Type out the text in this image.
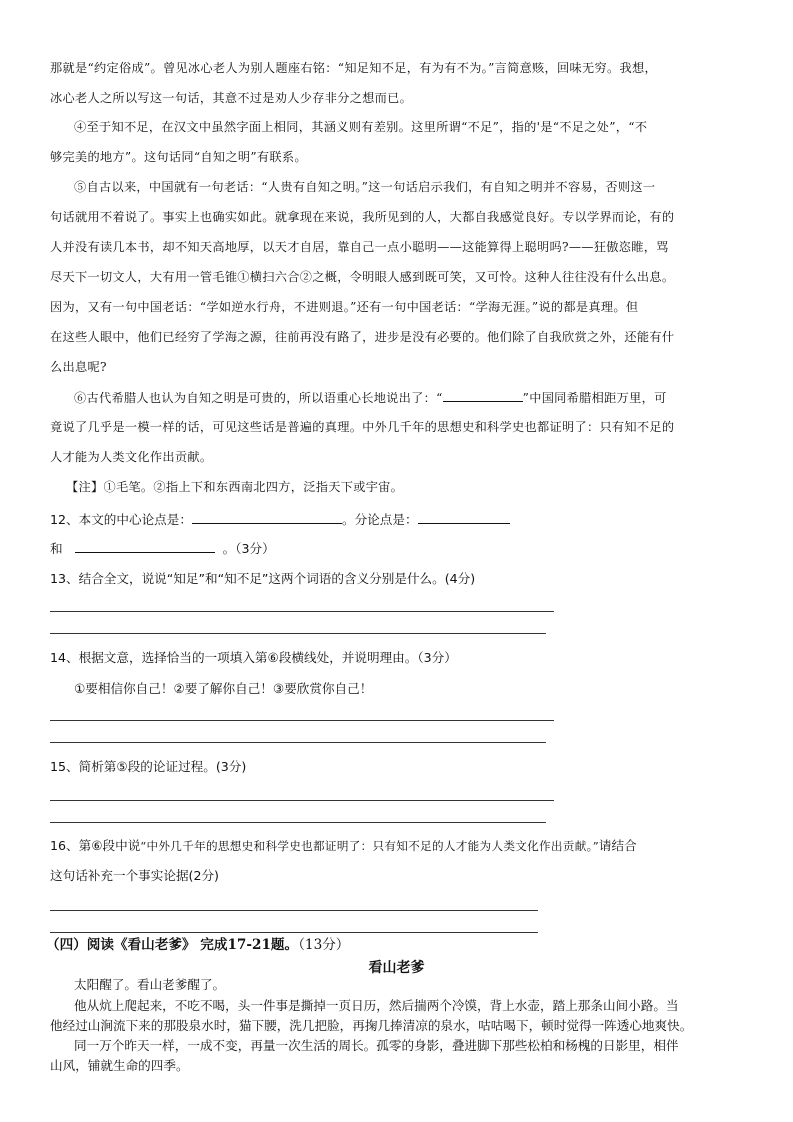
那就是“约定俗成”。曾见冰心老人为别人题座右铭：“知足知不足，有为有不为。”言简意赅，回味无穷。我想，
冰心老人之所以写这一句话，其意不过是劝人少存非分之想而已。
④至于知不足，在汉文中虽然字面上相同，其涵义则有差别。这里所谓“不足”，指的'是“不足之处”，“不
够完美的地方”。这句话同“自知之明”有联系。
⑤自古以来，中国就有一句老话：“人贵有自知之明。”这一句话启示我们，有自知之明并不容易，否则这一
句话就用不着说了。事实上也确实如此。就拿现在来说，我所见到的人，大都自我感觉良好。专以学界而论，有的
人并没有读几本书，却不知天高地厚，以天才自居，靠自己一点小聪明——这能算得上聪明吗?——狂傲恣睢，骂
尽天下一切文人，大有用一管毛锥①横扫六合②之概，令明眼人感到既可笑，又可怜。这种人往往没有什么出息。
因为，又有一句中国老话：“学如逆水行舟，不进则退。”还有一句中国老话：“学海无涯。”说的都是真理。但
在这些人眼中，他们已经穷了学海之源，往前再没有路了，进步是没有必要的。他们除了自我欣赏之外，还能有什
么出息呢?
⑥古代希腊人也认为自知之明是可贵的，所以语重心长地说出了：“	”中国同希腊相距万里，可
竟说了几乎是一模一样的话，可见这些话是普遍的真理。中外几千年的思想史和科学史也都证明了：只有知不足的
人才能为人类文化作出贡献。
【注】①毛笔。②指上下和东西南北四方，泛指天下或宇宙。
12、本文的中心论点是：	。分论点是：
和	。（3分）
13、结合全文，说说“知足”和“知不足”这两个词语的含义分别是什么。(4分)
14、根据文意，选择恰当的一项填入第⑥段横线处，并说明理由。（3分）
①要相信你自己！②要了解你自己！③要欣赏你自己！
15、简析第⑤段的论证过程。(3分)
16、第⑥段中说“中外几千年的思想史和科学史也都证明了：只有知不足的人才能为人类文化作出贡献。”请结合
这句话补充一个事实论据(2分)
（四）阅读《看山老爹》 完成17-21题。（13分）
看山老爹
太阳醒了。看山老爹醒了。
他从炕上爬起来，不吃不喝，头一件事是撕掉一页日历，然后揣两个冷馍，背上水壶，踏上那条山间小路。当
他经过山涧流下来的那股泉水时，猫下腰，洗几把脸，再掬几捧清凉的泉水，咕咕喝下，顿时觉得一阵透心地爽快。
同一万个昨天一样，一成不变，再量一次生活的周长。孤零的身影，叠进脚下那些松柏和杨槐的日影里，相伴
山风，铺就生命的四季。
